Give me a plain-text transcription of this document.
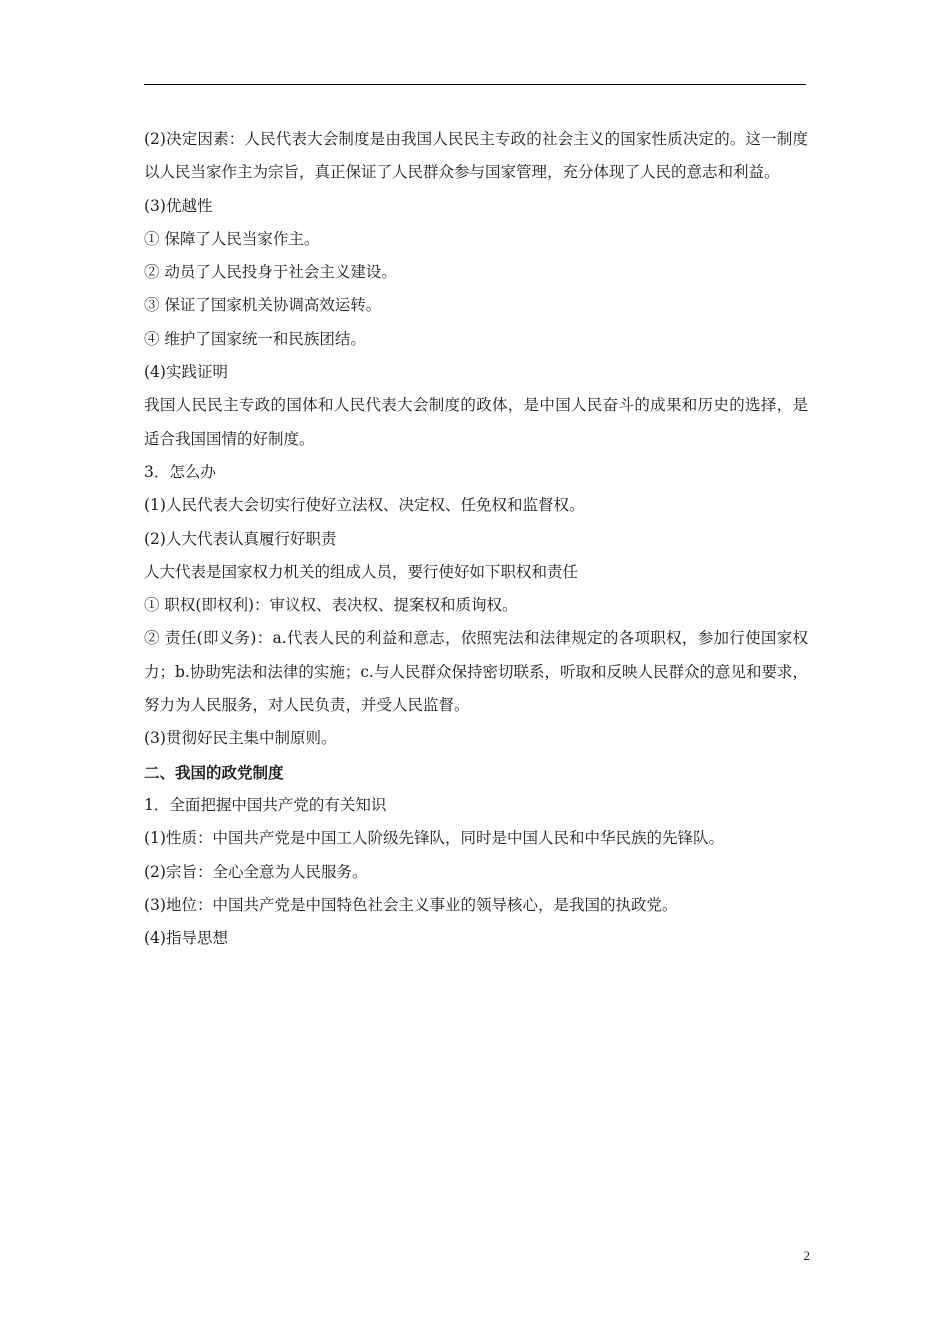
(2)决定因素：人民代表大会制度是由我国人民民主专政的社会主义的国家性质决定的。这一制度以人民当家作主为宗旨，真正保证了人民群众参与国家管理，充分体现了人民的意志和利益。
(3)优越性
① 保障了人民当家作主。
② 动员了人民投身于社会主义建设。
③ 保证了国家机关协调高效运转。
④ 维护了国家统一和民族团结。
(4)实践证明
我国人民民主专政的国体和人民代表大会制度的政体，是中国人民奋斗的成果和历史的选择，是适合我国国情的好制度。
3．怎么办
(1)人民代表大会切实行使好立法权、决定权、任免权和监督权。
(2)人大代表认真履行好职责
人大代表是国家权力机关的组成人员，要行使好如下职权和责任
① 职权(即权利)：审议权、表决权、提案权和质询权。
② 责任(即义务)：a.代表人民的利益和意志，依照宪法和法律规定的各项职权，参加行使国家权力；b.协助宪法和法律的实施；c.与人民群众保持密切联系，听取和反映人民群众的意见和要求，努力为人民服务，对人民负责，并受人民监督。
(3)贯彻好民主集中制原则。
二、我国的政党制度
1．全面把握中国共产党的有关知识
(1)性质：中国共产党是中国工人阶级先锋队，同时是中国人民和中华民族的先锋队。
(2)宗旨：全心全意为人民服务。
(3)地位：中国共产党是中国特色社会主义事业的领导核心，是我国的执政党。
(4)指导思想
2
